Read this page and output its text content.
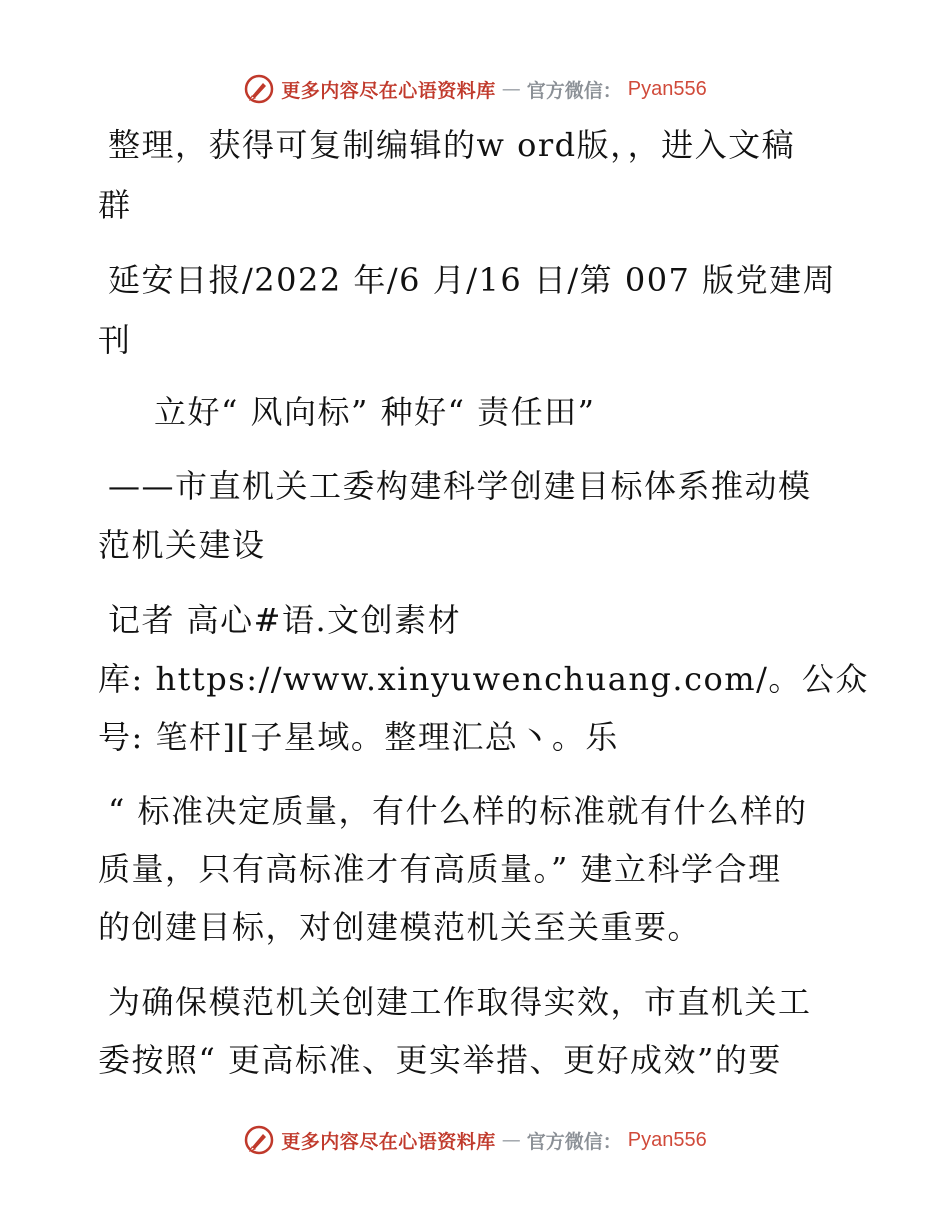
更多内容尽在心语资料库 — 官方微信： Pyan556
整理，获得可复制编辑的w ord版，，进入文稿
群
延安日报/2022 年/6 月/16 日/第 007 版党建周
刊
立好“ 风向标” 种好“ 责任田”
——市直机关工委构建科学创建目标体系推动模
范机关建设
记者 高心#语.文创素材
库: https://www.xinyuwenchuang.com/。公众
号: 笔杆][子星域。整理汇总丶。乐
“ 标准决定质量，有什么样的标准就有什么样的
质量，只有高标准才有高质量。” 建立科学合理
的创建目标，对创建模范机关至关重要。
为确保模范机关创建工作取得实效，市直机关工
委按照“ 更高标准、更实举措、更好成效”的要
更多内容尽在心语资料库 — 官方微信： Pyan556
